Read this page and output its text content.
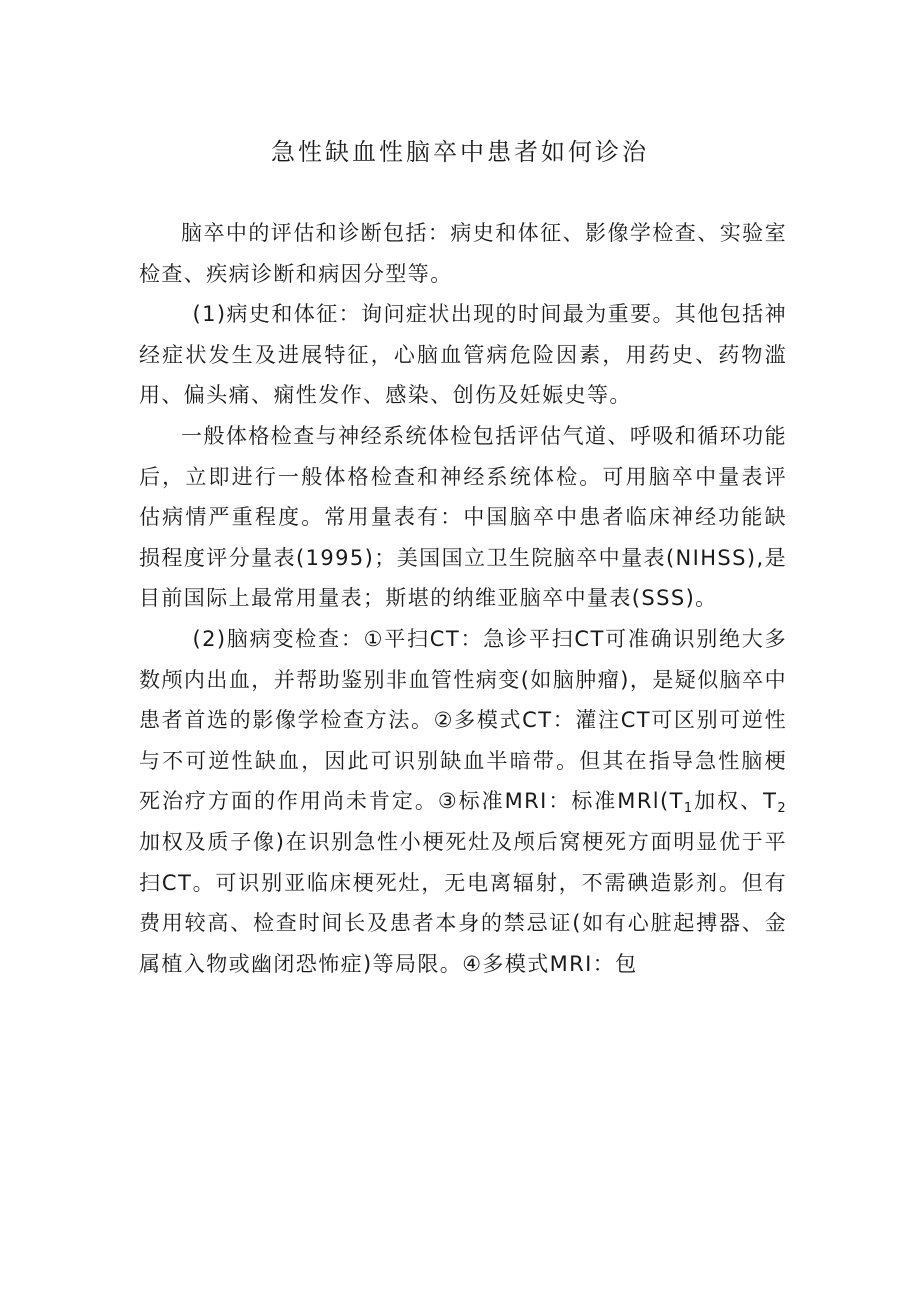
急性缺血性脑卒中患者如何诊治

脑卒中的评估和诊断包括：病史和体征、影像学检查、实验室检查、疾病诊断和病因分型等。

(1)病史和体征：询问症状出现的时间最为重要。其他包括神经症状发生及进展特征，心脑血管病危险因素，用药史、药物滥用、偏头痛、痫性发作、感染、创伤及妊娠史等。

一般体格检查与神经系统体检包括评估气道、呼吸和循环功能后，立即进行一般体格检查和神经系统体检。可用脑卒中量表评估病情严重程度。常用量表有：中国脑卒中患者临床神经功能缺损程度评分量表(1995)；美国国立卫生院脑卒中量表(NIHSS),是目前国际上最常用量表；斯堪的纳维亚脑卒中量表(SSS)。

(2)脑病变检查：①平扫CT：急诊平扫CT可准确识别绝大多数颅内出血，并帮助鉴别非血管性病变(如脑肿瘤)，是疑似脑卒中患者首选的影像学检查方法。②多模式CT：灌注CT可区别可逆性与不可逆性缺血，因此可识别缺血半暗带。但其在指导急性脑梗死治疗方面的作用尚未肯定。③标准MRI：标准$MRl(T_1$加权、$T_2$加权及质子像)在识别急性小梗死灶及颅后窝梗死方面明显优于平扫CT。可识别亚临床梗死灶，无电离辐射，不需碘造影剂。但有费用较高、检查时间长及患者本身的禁忌证(如有心脏起搏器、金属植入物或幽闭恐怖症)等局限。④多模式MRI：包
